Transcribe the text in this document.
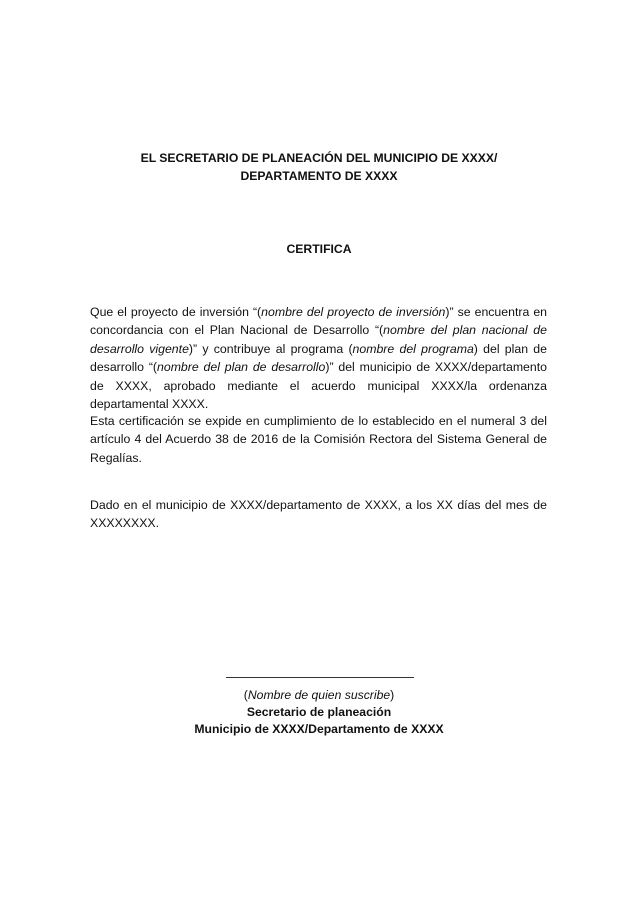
EL SECRETARIO DE PLANEACIÓN DEL MUNICIPIO DE XXXX/
DEPARTAMENTO DE XXXX
CERTIFICA
Que el proyecto de inversión “(nombre del proyecto de inversión)” se encuentra en concordancia con el Plan Nacional de Desarrollo “(nombre del plan nacional de desarrollo vigente)” y contribuye al programa (nombre del programa) del plan de desarrollo “(nombre del plan de desarrollo)” del municipio de XXXX/departamento de XXXX, aprobado mediante el acuerdo municipal XXXX/la ordenanza departamental XXXX.
Esta certificación se expide en cumplimiento de lo establecido en el numeral 3 del artículo 4 del Acuerdo 38 de 2016 de la Comisión Rectora del Sistema General de Regalías.
Dado en el municipio de XXXX/departamento de XXXX, a los XX días del mes de XXXXXXXX.
(Nombre de quien suscribe)
Secretario de planeación
Municipio de XXXX/Departamento de XXXX
